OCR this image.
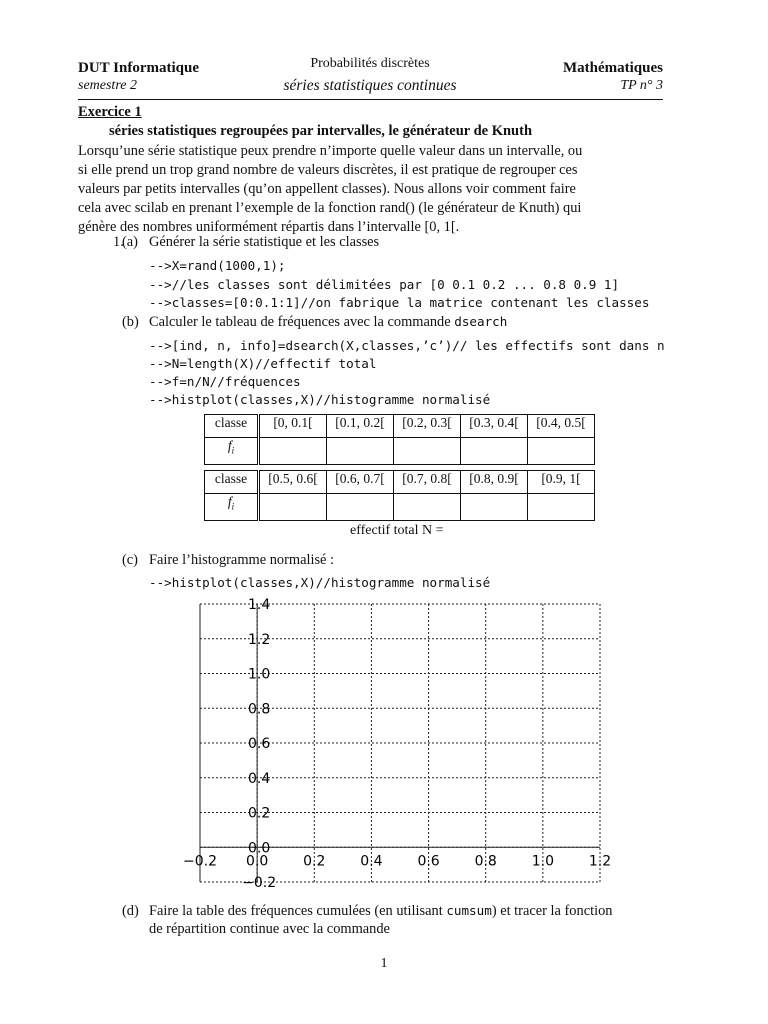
DUT Informatique
semestre 2
Probabilités discrètes
séries statistiques continues
Mathématiques
TP n° 3
Exercice 1
séries statistiques regroupées par intervalles, le générateur de Knuth
Lorsqu’une série statistique peux prendre n’importe quelle valeur dans un intervalle, ou
si elle prend un trop grand nombre de valeurs discrètes, il est pratique de regrouper ces
valeurs par petits intervalles (qu’on appellent classes). Nous allons voir comment faire
cela avec scilab en prenant l’exemple de la fonction rand() (le générateur de Knuth) qui
génère des nombres uniformément répartis dans l’intervalle [0, 1[.
1.
(a) Générer la série statistique et les classes
-->X=rand(1000,1);
-->//les classes sont délimitées par [0 0.1 0.2 ... 0.8 0.9 1]
-->classes=[0:0.1:1]//on fabrique la matrice contenant les classes
(b) Calculer le tableau de fréquences avec la commande dsearch
-->[ind, n, info]=dsearch(X,classes,’c’)// les effectifs sont dans n
-->N=length(X)//effectif total
-->f=n/N//fréquences
-->histplot(classes,X)//histogramme normalisé
classe	[0, 0.1[	[0.1, 0.2[	[0.2, 0.3[	[0.3, 0.4[	[0.4, 0.5[
$f_i$					
classe	[0.5, 0.6[	[0.6, 0.7[	[0.7, 0.8[	[0.8, 0.9[	[0.9, 1[
$f_i$					
effectif total N =
(c) Faire l’histogramme normalisé :
-->histplot(classes,X)//histogramme normalisé
1.4
1.2
1.0
0.8
0.6
0.4
0.2
0.0
−0.2
−0.2 0.0 0.2 0.4 0.6 0.8 1.0 1.2
(d) Faire la table des fréquences cumulées (en utilisant cumsum) et tracer la fonction
de répartition continue avec la commande
1
